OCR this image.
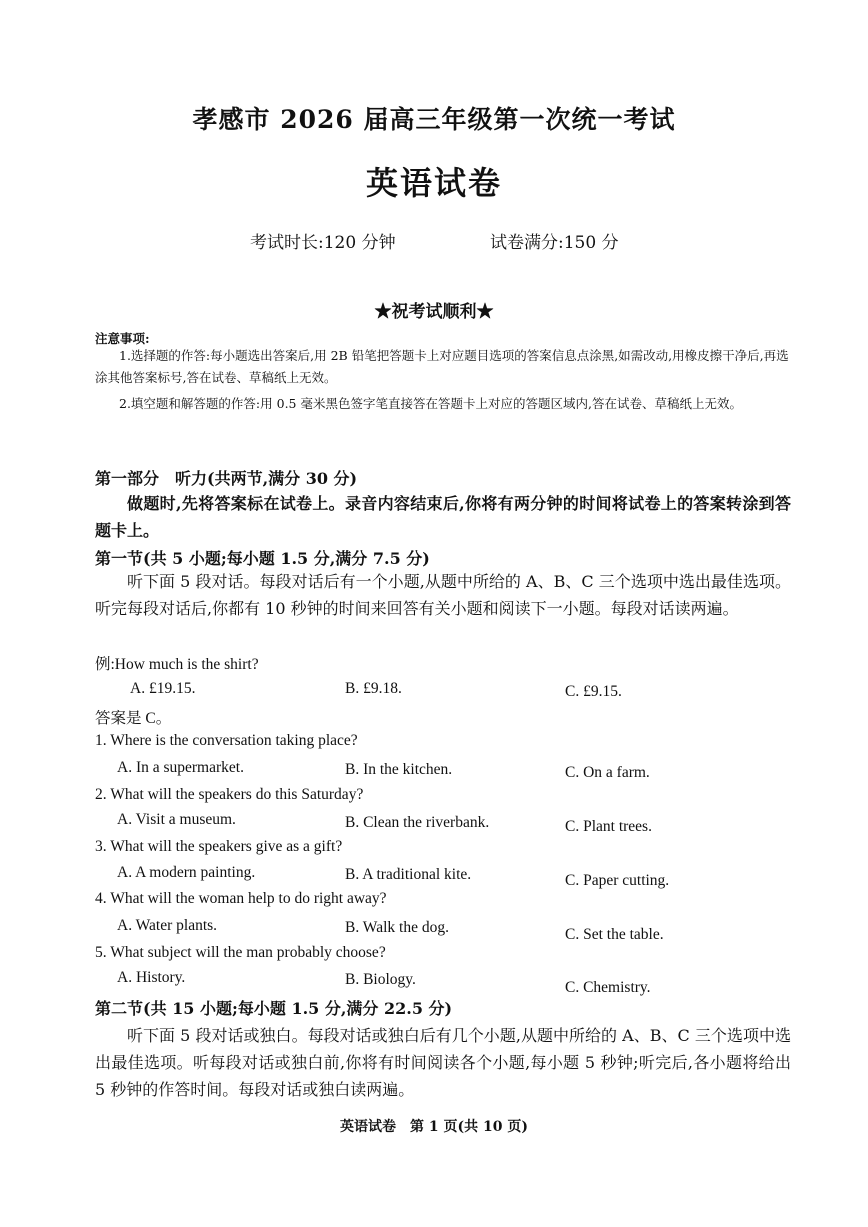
孝感市 2026 届高三年级第一次统一考试
英语试卷
考试时长:120 分钟	试卷满分:150 分
★祝考试顺利★
注意事项:
1.选择题的作答:每小题选出答案后,用 2B 铅笔把答题卡上对应题目选项的答案信息点涂黑,如需改动,用橡皮擦干净后,再选涂其他答案标号,答在试卷、草稿纸上无效。
2.填空题和解答题的作答:用 0.5 毫米黑色签字笔直接答在答题卡上对应的答题区域内,答在试卷、草稿纸上无效。
第一部分　听力(共两节,满分 30 分)
做题时,先将答案标在试卷上。录音内容结束后,你将有两分钟的时间将试卷上的答案转涂到答题卡上。
第一节(共 5 小题;每小题 1.5 分,满分 7.5 分)
听下面 5 段对话。每段对话后有一个小题,从题中所给的 A、B、C 三个选项中选出最佳选项。听完每段对话后,你都有 10 秒钟的时间来回答有关小题和阅读下一小题。每段对话读两遍。
例:How much is the shirt?
A. £19.15.	B. £9.18.	C. £9.15.
答案是 C。
1. Where is the conversation taking place?
A. In a supermarket.	B. In the kitchen.	C. On a farm.
2. What will the speakers do this Saturday?
A. Visit a museum.	B. Clean the riverbank.	C. Plant trees.
3. What will the speakers give as a gift?
A. A modern painting.	B. A traditional kite.	C. Paper cutting.
4. What will the woman help to do right away?
A. Water plants.	B. Walk the dog.	C. Set the table.
5. What subject will the man probably choose?
A. History.	B. Biology.	C. Chemistry.
第二节(共 15 小题;每小题 1.5 分,满分 22.5 分)
听下面 5 段对话或独白。每段对话或独白后有几个小题,从题中所给的 A、B、C 三个选项中选出最佳选项。听每段对话或独白前,你将有时间阅读各个小题,每小题 5 秒钟;听完后,各小题将给出 5 秒钟的作答时间。每段对话或独白读两遍。
英语试卷　第 1 页(共 10 页)
